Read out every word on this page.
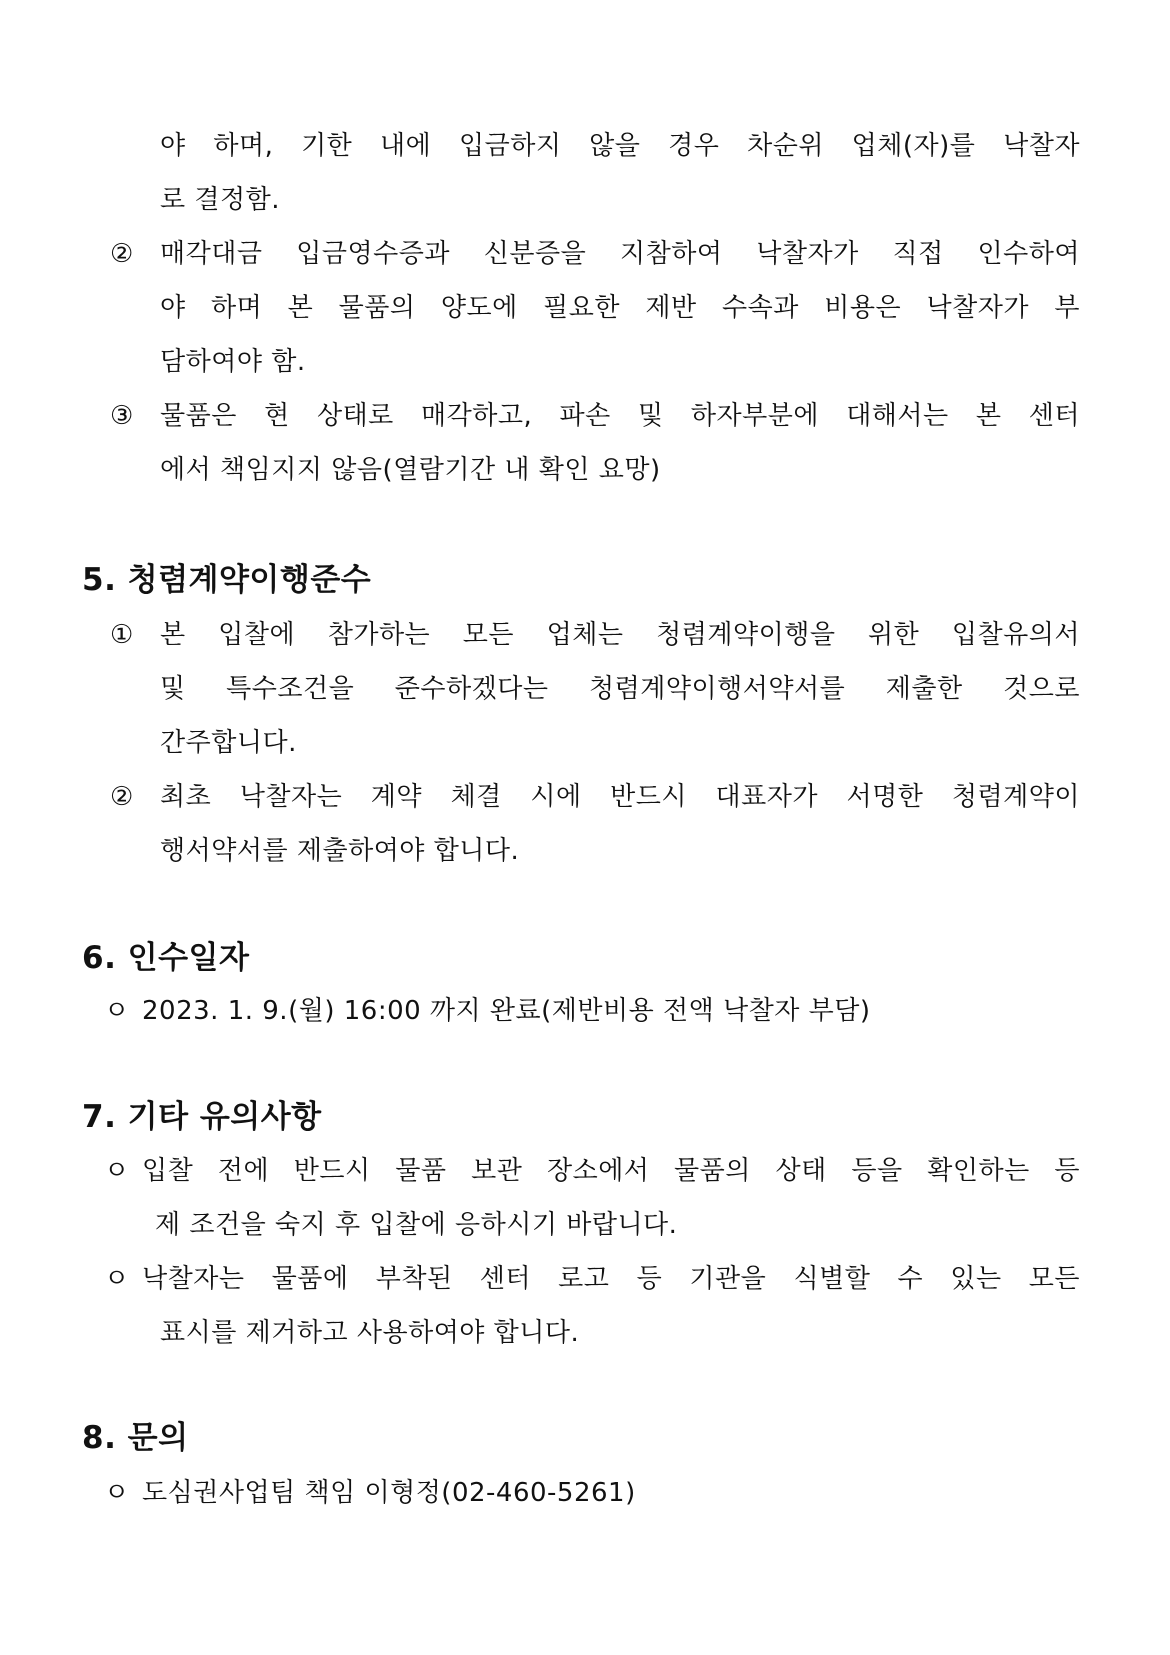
야 하며, 기한 내에 입금하지 않을 경우 차순위 업체(자)를 낙찰자
로 결정함.
② 매각대금 입금영수증과 신분증을 지참하여 낙찰자가 직접 인수하여
야 하며 본 물품의 양도에 필요한 제반 수속과 비용은 낙찰자가 부
담하여야 함.
③ 물품은 현 상태로 매각하고, 파손 및 하자부분에 대해서는 본 센터
에서 책임지지 않음(열람기간 내 확인 요망)
5. 청렴계약이행준수
① 본 입찰에 참가하는 모든 업체는 청렴계약이행을 위한 입찰유의서
및 특수조건을 준수하겠다는 청렴계약이행서약서를 제출한 것으로
간주합니다.
② 최초 낙찰자는 계약 체결 시에 반드시 대표자가 서명한 청렴계약이
행서약서를 제출하여야 합니다.
6. 인수일자
ㅇ 2023. 1. 9.(월) 16:00 까지 완료(제반비용 전액 낙찰자 부담)
7. 기타 유의사항
ㅇ 입찰 전에 반드시 물품 보관 장소에서 물품의 상태 등을 확인하는 등
제 조건을 숙지 후 입찰에 응하시기 바랍니다.
ㅇ 낙찰자는 물품에 부착된 센터 로고 등 기관을 식별할 수 있는 모든
표시를 제거하고 사용하여야 합니다.
8. 문의
ㅇ 도심권사업팀 책임 이형정(02-460-5261)
